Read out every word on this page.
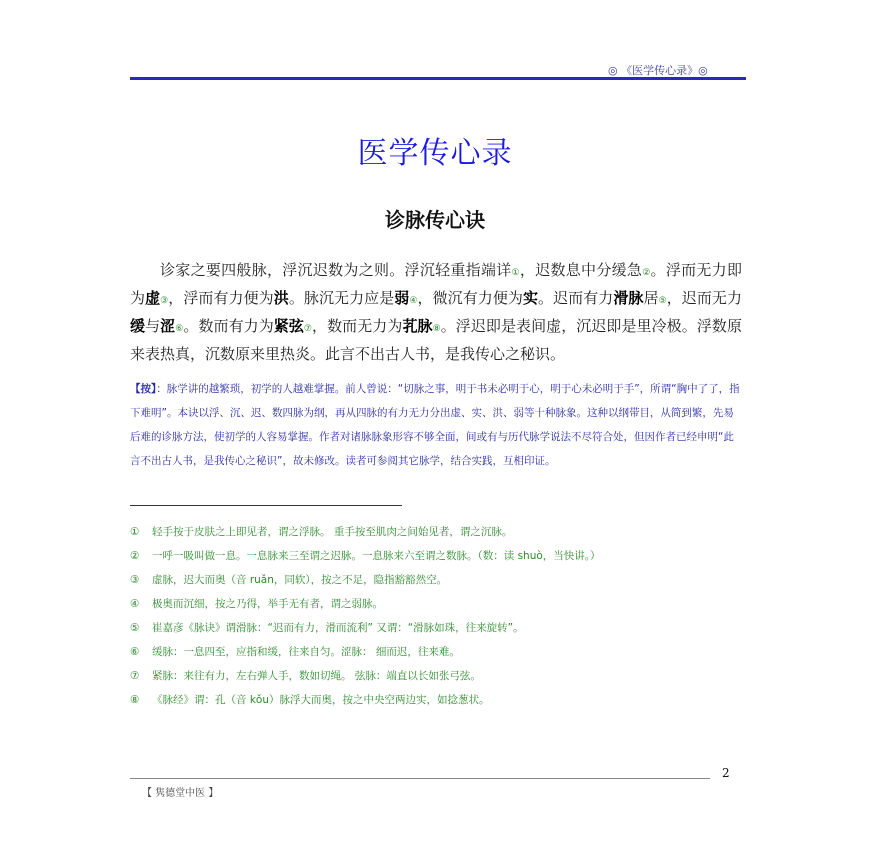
◎ 《医学传心录》◎
医学传心录
诊脉传心诀

诊家之要四般脉，浮沉迟数为之则。浮沉轻重指端详①，迟数息中分缓急②。浮而无力即为虚③，浮而有力便为洪。脉沉无力应是弱④，微沉有力便为实。迟而有力滑脉居⑤，迟而无力缓与涩⑥。数而有力为紧弦⑦，数而无力为芤脉⑧。浮迟即是表间虚，沉迟即是里冷极。浮数原来表热真，沉数原来里热炎。此言不出古人书，是我传心之秘识。

【按】：脉学讲的越繁琐，初学的人越难掌握。前人曾说：“切脉之事，明于书未必明于心，明于心未必明于手”，所谓“胸中了了，指下难明”。本诀以浮、沉、迟、数四脉为纲，再从四脉的有力无力分出虚、实、洪、弱等十种脉象。这种以纲带目，从简到繁，先易后难的诊脉方法，使初学的人容易掌握。作者对诸脉脉象形容不够全面，间或有与历代脉学说法不尽符合处，但因作者已经申明“此言不出古人书，是我传心之秘识”，故未修改。读者可参阅其它脉学，结合实践，互相印证。
① 轻手按于皮肤之上即见者，谓之浮脉。 重手按至肌肉之间始见者，谓之沉脉。
② 一呼一吸叫做一息。一息脉来三至谓之迟脉。一息脉来六至谓之数脉。（数：读 shuò，当快讲。）
③ 虚脉，迟大而奥（音 ruǎn，同软），按之不足，隐指豁豁然空。
④ 极奥而沉细，按之乃得，举手无有者，谓之弱脉。
⑤ 崔嘉彦《脉诀》谓滑脉：“迟而有力，滑而流利” 又谓：“滑脉如珠，往来旋转”。
⑥ 缓脉：一息四至，应指和缓，往来自匀。涩脉： 细而迟，往来难。
⑦ 紧脉：来往有力，左右弹人手，数如切绳。 弦脉：端直以长如张弓弦。
⑧ 《脉经》谓：孔（音 kǒu）脉浮大而奥，按之中央空两边实，如捻葱状。
2
【 隽德堂中医 】
